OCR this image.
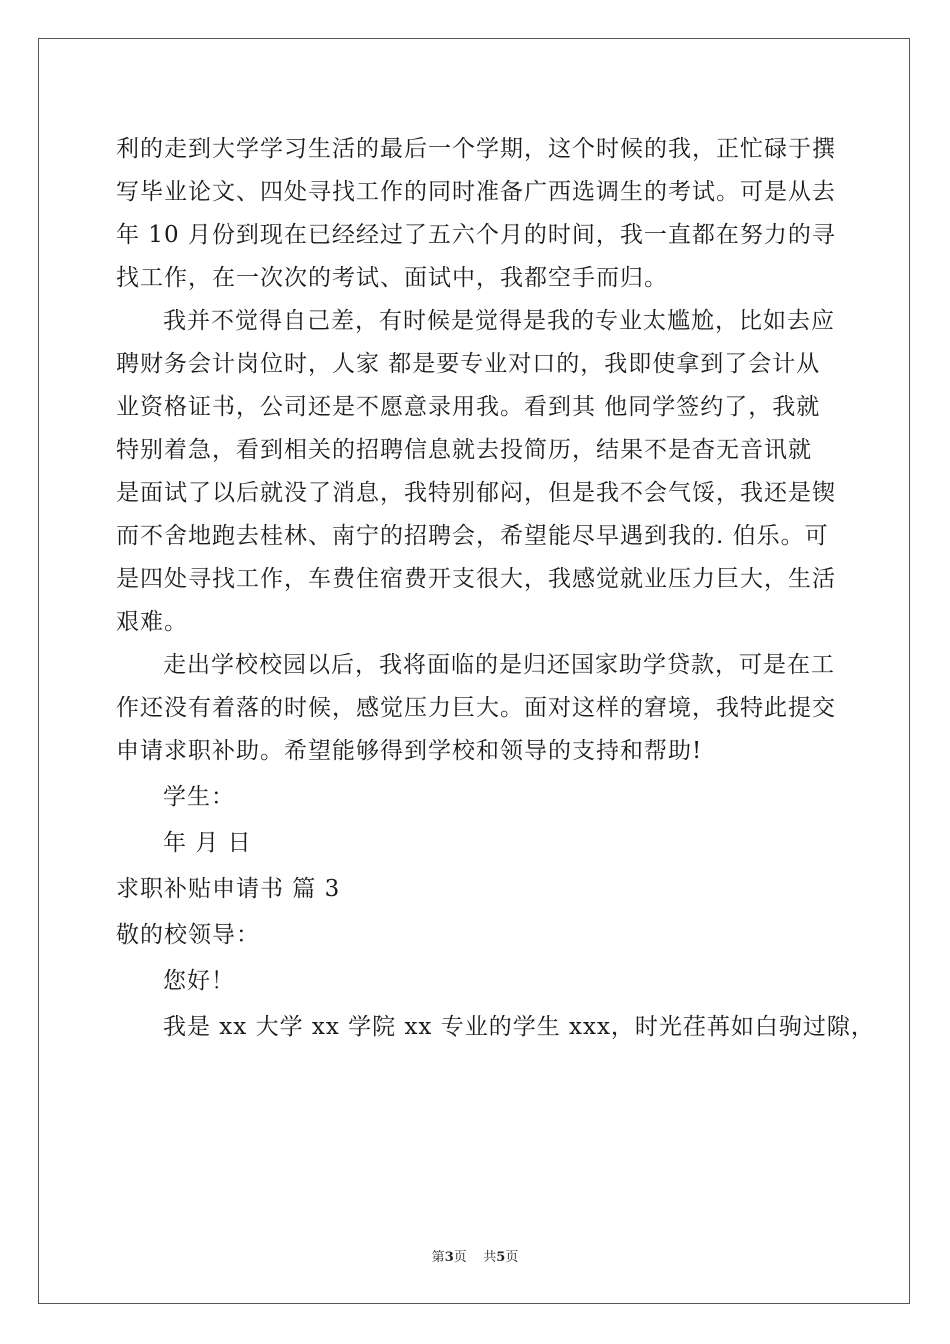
利的走到大学学习生活的最后一个学期，这个时候的我，正忙碌于撰
写毕业论文、四处寻找工作的同时准备广西选调生的考试。可是从去
年 10 月份到现在已经经过了五六个月的时间，我一直都在努力的寻
找工作，在一次次的考试、面试中，我都空手而归。
我并不觉得自己差，有时候是觉得是我的专业太尴尬，比如去应
聘财务会计岗位时，人家 都是要专业对口的，我即使拿到了会计从
业资格证书，公司还是不愿意录用我。看到其 他同学签约了，我就
特别着急，看到相关的招聘信息就去投简历，结果不是杳无音讯就
是面试了以后就没了消息，我特别郁闷，但是我不会气馁，我还是锲
而不舍地跑去桂林、南宁的招聘会，希望能尽早遇到我的. 伯乐。可
是四处寻找工作，车费住宿费开支很大，我感觉就业压力巨大，生活
艰难。
走出学校校园以后，我将面临的是归还国家助学贷款，可是在工
作还没有着落的时候，感觉压力巨大。面对这样的窘境，我特此提交
申请求职补助。希望能够得到学校和领导的支持和帮助!
学生：
年 月 日
求职补贴申请书 篇 3
敬的校领导：
您好！
我是 xx 大学 xx 学院 xx 专业的学生 xxx，时光荏苒如白驹过隙，
第3页    共5页
